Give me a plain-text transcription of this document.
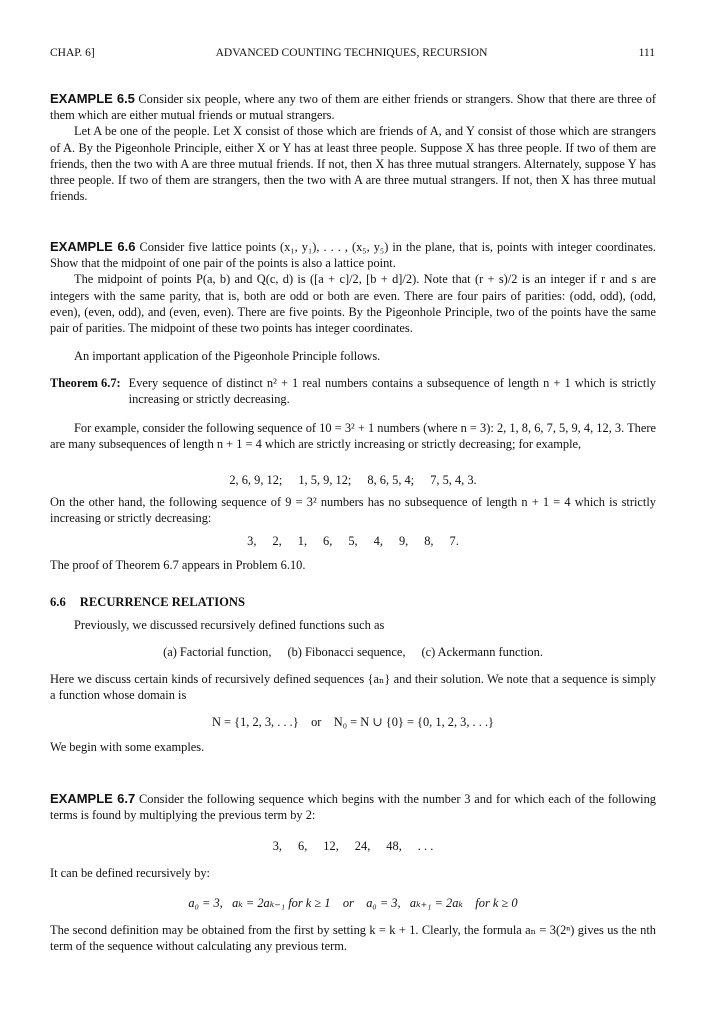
CHAP. 6]	ADVANCED COUNTING TECHNIQUES, RECURSION	111
EXAMPLE 6.5 Consider six people, where any two of them are either friends or strangers. Show that there are three of them which are either mutual friends or mutual strangers.
Let A be one of the people. Let X consist of those which are friends of A, and Y consist of those which are strangers of A. By the Pigeonhole Principle, either X or Y has at least three people. Suppose X has three people. If two of them are friends, then the two with A are three mutual friends. If not, then X has three mutual strangers. Alternately, suppose Y has three people. If two of them are strangers, then the two with A are three mutual strangers. If not, then X has three mutual friends.
EXAMPLE 6.6 Consider five lattice points (x₁, y₁), . . . , (x₅, y₅) in the plane, that is, points with integer coordinates. Show that the midpoint of one pair of the points is also a lattice point.
The midpoint of points P(a, b) and Q(c, d) is ([a + c]/2, [b + d]/2). Note that (r + s)/2 is an integer if r and s are integers with the same parity, that is, both are odd or both are even. There are four pairs of parities: (odd, odd), (odd, even), (even, odd), and (even, even). There are five points. By the Pigeonhole Principle, two of the points have the same pair of parities. The midpoint of these two points has integer coordinates.
An important application of the Pigeonhole Principle follows.
Theorem 6.7: Every sequence of distinct n² + 1 real numbers contains a subsequence of length n + 1 which is strictly increasing or strictly decreasing.
For example, consider the following sequence of 10 = 3² + 1 numbers (where n = 3): 2, 1, 8, 6, 7, 5, 9, 4, 12, 3. There are many subsequences of length n + 1 = 4 which are strictly increasing or strictly decreasing; for example,
2, 6, 9, 12; 1, 5, 9, 12; 8, 6, 5, 4; 7, 5, 4, 3.
On the other hand, the following sequence of 9 = 3² numbers has no subsequence of length n + 1 = 4 which is strictly increasing or strictly decreasing:
3, 2, 1, 6, 5, 4, 9, 8, 7.
The proof of Theorem 6.7 appears in Problem 6.10.
6.6 RECURRENCE RELATIONS
Previously, we discussed recursively defined functions such as
(a) Factorial function, (b) Fibonacci sequence, (c) Ackermann function.
Here we discuss certain kinds of recursively defined sequences {aₙ} and their solution. We note that a sequence is simply a function whose domain is
N = {1, 2, 3, . . .}    or    N₀ = N ∪ {0} = {0, 1, 2, 3, . . .}
We begin with some examples.
EXAMPLE 6.7 Consider the following sequence which begins with the number 3 and for which each of the following terms is found by multiplying the previous term by 2:
3, 6, 12, 24, 48, . . .
It can be defined recursively by:
a₀ = 3,   aₖ = 2aₖ₋₁ for k ≥ 1    or    a₀ = 3,   aₖ₊₁ = 2aₖ    for k ≥ 0
The second definition may be obtained from the first by setting k = k + 1. Clearly, the formula aₙ = 3(2ⁿ) gives us the nth term of the sequence without calculating any previous term.
